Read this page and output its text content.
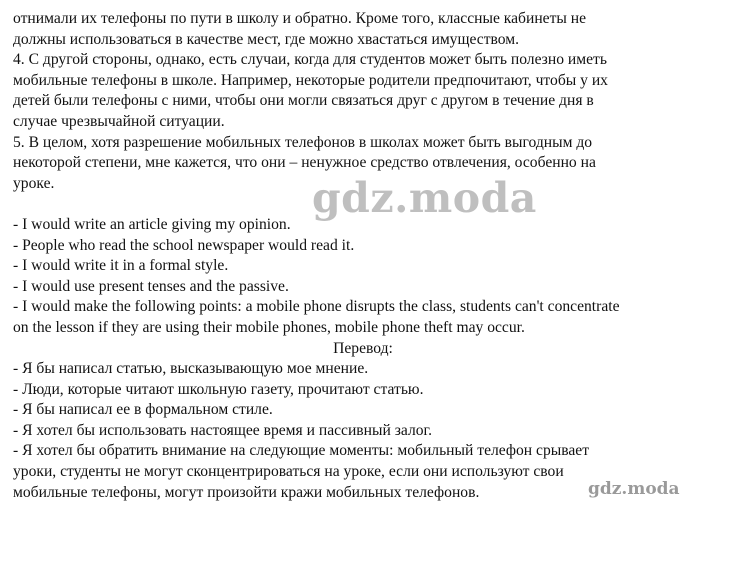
отнимали их телефоны по пути в школу и обратно. Кроме того, классные кабинеты не
должны использоваться в качестве мест, где можно хвастаться имуществом.
4. С другой стороны, однако, есть случаи, когда для студентов может быть полезно иметь
мобильные телефоны в школе. Например, некоторые родители предпочитают, чтобы у их
детей были телефоны с ними, чтобы они могли связаться друг с другом в течение дня в
случае чрезвычайной ситуации.
5. В целом, хотя разрешение мобильных телефонов в школах может быть выгодным до
некоторой степени, мне кажется, что они – ненужное средство отвлечения, особенно на
уроке.
- I would write an article giving my opinion.
- People who read the school newspaper would read it.
- I would write it in a formal style.
- I would use present tenses and the passive.
- I would make the following points: a mobile phone disrupts the class, students can't concentrate
on the lesson if they are using their mobile phones, mobile phone theft may occur.
Перевод:
- Я бы написал статью, высказывающую мое мнение.
- Люди, которые читают школьную газету, прочитают статью.
- Я бы написал ее в формальном стиле.
- Я хотел бы использовать настоящее время и пассивный залог.
- Я хотел бы обратить внимание на следующие моменты: мобильный телефон срывает
уроки, студенты не могут сконцентрироваться на уроке, если они используют свои
мобильные телефоны, могут произойти кражи мобильных телефонов.
gdz.moda
gdz.moda
